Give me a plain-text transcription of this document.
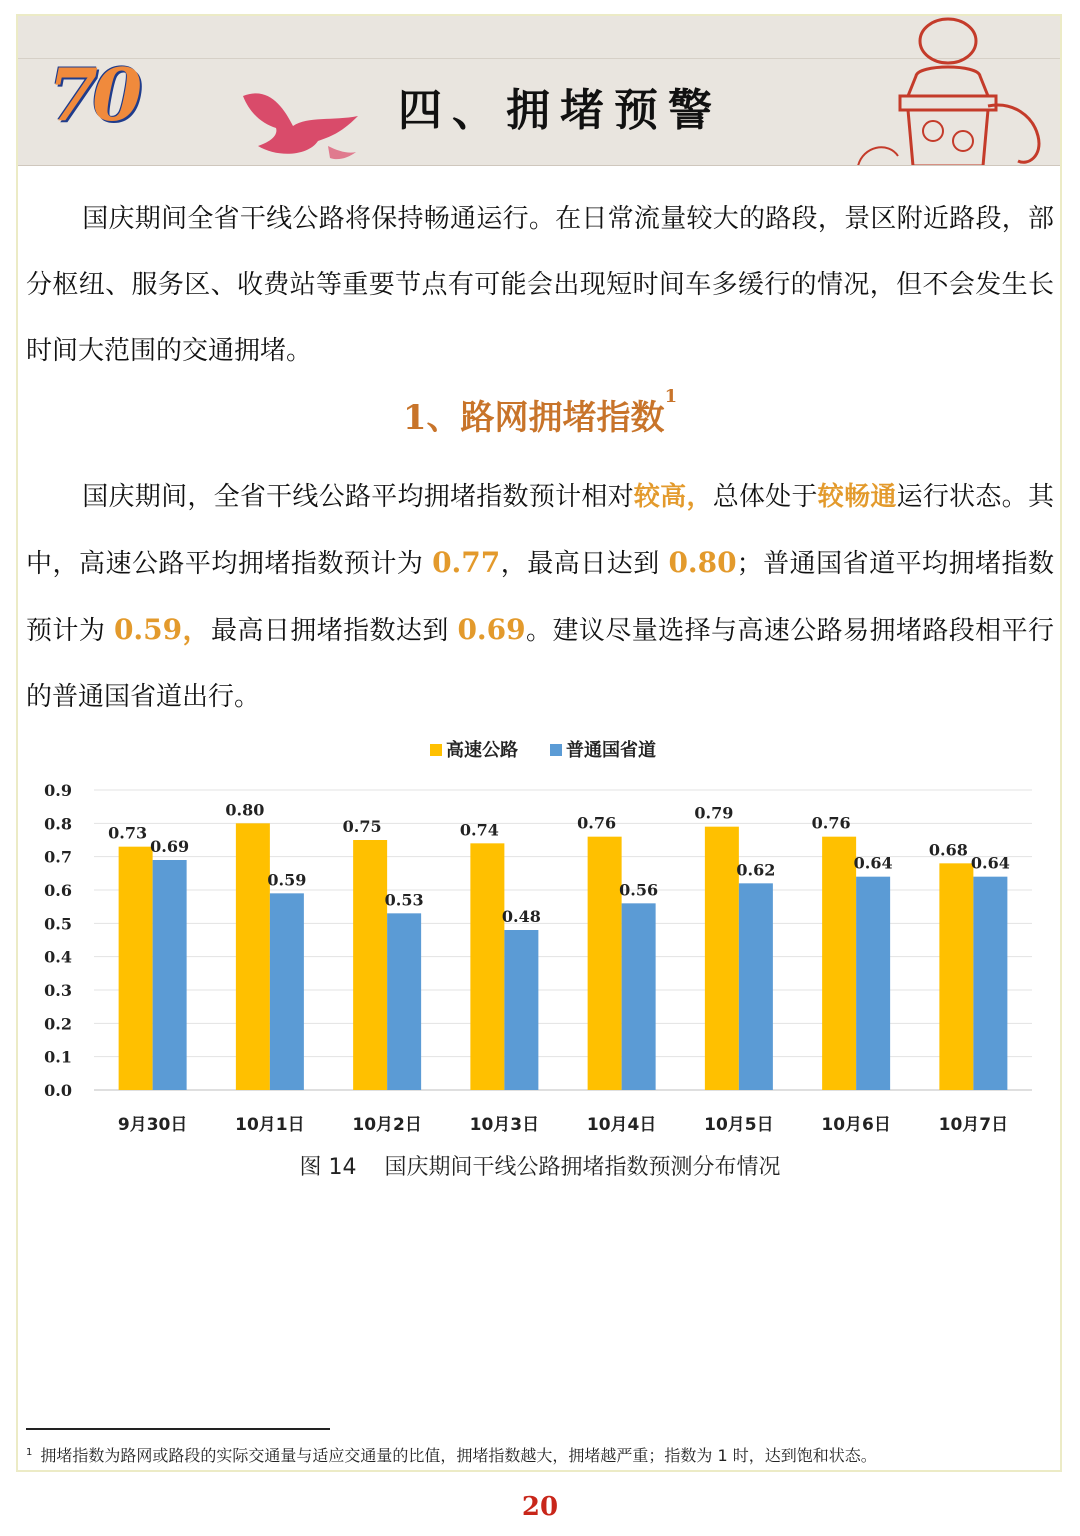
70	四、拥堵预警

国庆期间全省干线公路将保持畅通运行。在日常流量较大的路段，景区附近路段，部分枢纽、服务区、收费站等重要节点有可能会出现短时间车多缓行的情况，但不会发生长时间大范围的交通拥堵。

1、路网拥堵指数$^1$

国庆期间，全省干线公路平均拥堵指数预计相对较高，总体处于较畅通运行状态。其中，高速公路平均拥堵指数预计为 0.77，最高日达到 0.80；普通国省道平均拥堵指数预计为 0.59，最高日拥堵指数达到 0.69。建议尽量选择与高速公路易拥堵路段相平行的普通国省道出行。

0.0
0.1
0.2
0.3
0.4
0.5
0.6
0.7
0.8
0.9
0.73
0.69
9月30日
0.80
0.59
10月1日
0.75
0.53
10月2日
0.74
0.48
10月3日
0.76
0.56
10月4日
0.79
0.62
10月5日
0.76
0.64
10月6日
0.68
0.64
10月7日
高速公路	普通国省道
图 14 国庆期间干线公路拥堵指数预测分布情况
$^1$ 拥堵指数为路网或路段的实际交通量与适应交通量的比值，拥堵指数越大，拥堵越严重；指数为 1 时，达到饱和状态。
20
